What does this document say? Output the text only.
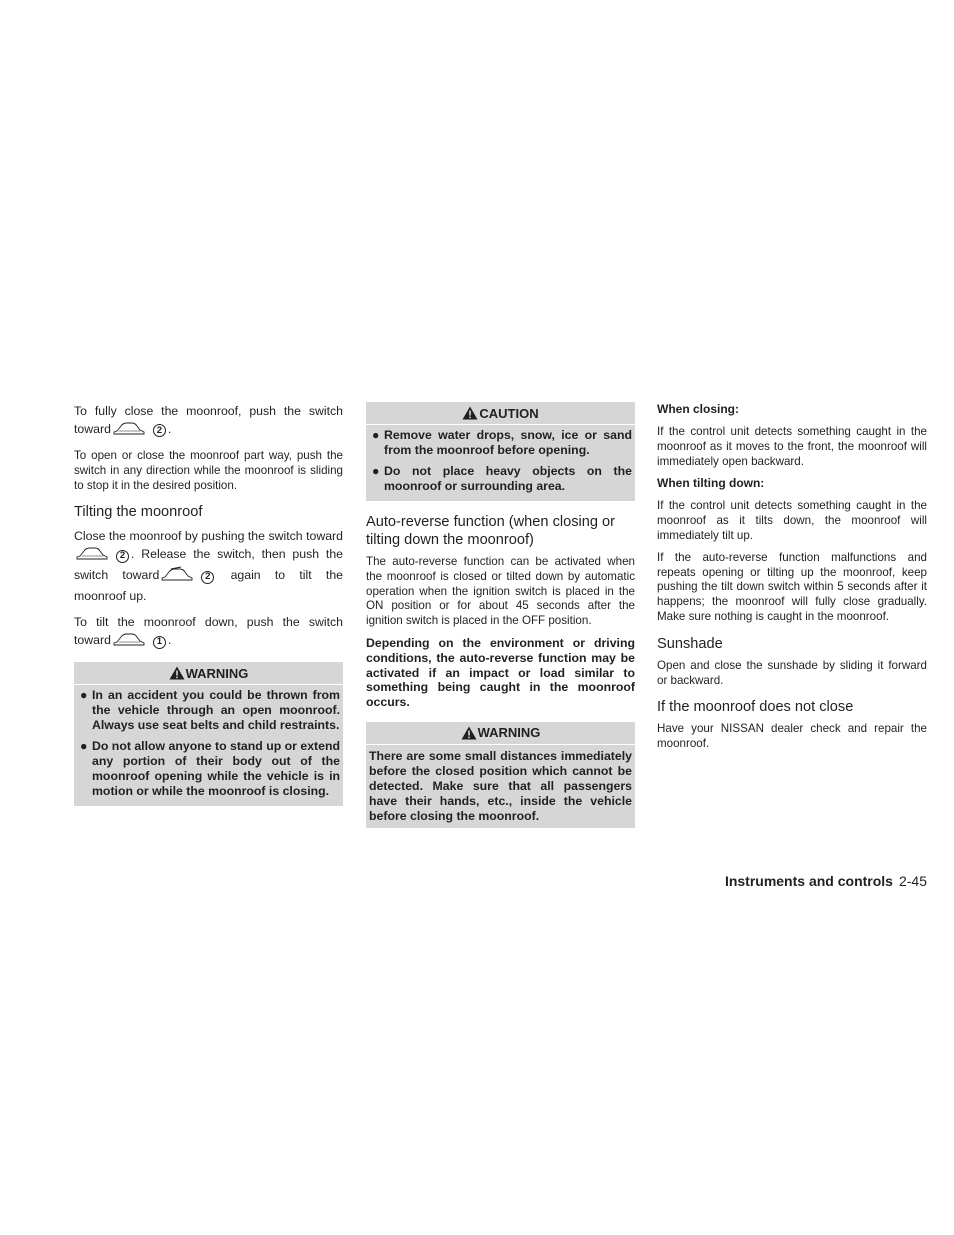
To fully close the moonroof, push the switch toward	2 .

To open or close the moonroof part way, push the switch in any direction while the moonroof is sliding to stop it in the desired position.

Tilting the moonroof

Close the moonroof by pushing the switch toward2 . Release the switch, then push the switch toward	2 again to tilt the moonroof up.

To tilt the moonroof down, push the switch toward	1 .

WARNING
● In an accident you could be thrown from the vehicle through an open moonroof. Always use seat belts and child restraints.
● Do not allow anyone to stand up or extend any portion of their body out of the moonroof opening while the vehicle is in motion or while the moonroof is closing.
CAUTION
● Remove water drops, snow, ice or sand from the moonroof before opening.
● Do not place heavy objects on the moonroof or surrounding area.
Auto-reverse function (when closing or tilting down the moonroof)

The auto-reverse function can be activated when the moonroof is closed or tilted down by automatic operation when the ignition switch is placed in the ON position or for about 45 seconds after the ignition switch is placed in the OFF position.

Depending on the environment or driving conditions, the auto-reverse function may be activated if an impact or load similar to something being caught in the moonroof occurs.

WARNING
There are some small distances immediately before the closed position which cannot be detected. Make sure that all passengers have their hands, etc., inside the vehicle before closing the moonroof.
When closing:

If the control unit detects something caught in the moonroof as it moves to the front, the moonroof will immediately open backward.

When tilting down:

If the control unit detects something caught in the moonroof as it tilts down, the moonroof will immediately tilt up.

If the auto-reverse function malfunctions and repeats opening or tilting up the moonroof, keep pushing the tilt down switch within 5 seconds after it happens; the moonroof will fully close gradually. Make sure nothing is caught in the moonroof.

Sunshade

Open and close the sunshade by sliding it forward or backward.

If the moonroof does not close

Have your NISSAN dealer check and repair the moonroof.

Instruments and controls 2-45
